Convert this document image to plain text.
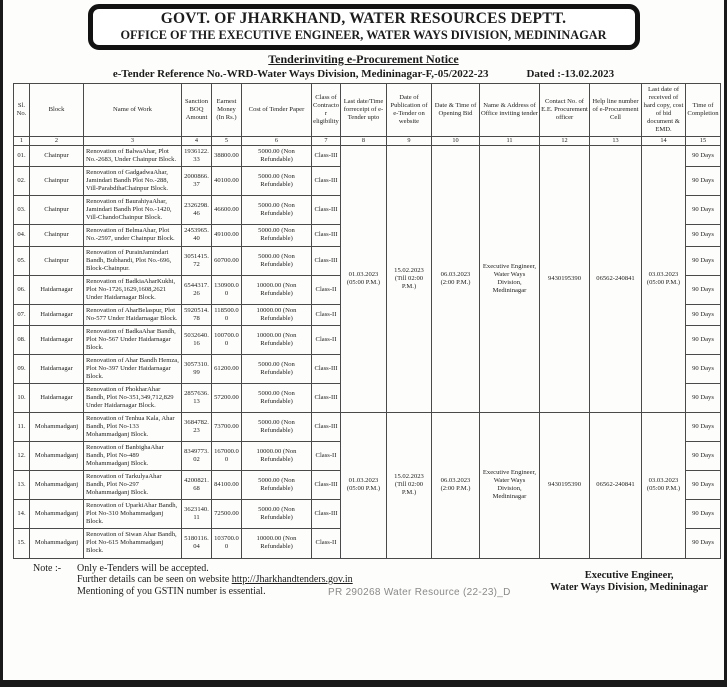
GOVT. OF JHARKHAND, WATER RESOURCES DEPTT.
OFFICE OF THE EXECUTIVE ENGINEER, WATER WAYS DIVISION, MEDININAGAR
Tenderinviting e-Procurement Notice
e-Tender Reference No.-WRD-Water Ways Division, Medininagar-F,-05/2022-23	Dated :-13.02.2023
Sl. No.	Block	Name of Work	Sanction BOQ Amount	Earnest Money (In Rs.)	Cost of Tender Paper	Class of Contractor eligibility	Last date/Time forreceipt of e-Tender upto	Date of Publication of e-Tender on website	Date & Time of Opening Bid	Name & Address of Office inviting tender	Contact No. of E.E. Procurement officer	Help line number of e-Procurement Cell	Last date of received of hard copy, cost of bid document & EMD.	Time of Completion
1	2	3	4	5	6	7	8	9	10	11	12	13	14	15
01.	Chainpur	Renovation of BalwaAhar, Plot No.-2683, Under Chainpur Block.	1936122.33	38800.00	5000.00 (Non Refundable)	Class-III	01.03.2023 (05:00 P.M.)	15.02.2023 (Till 02:00 P.M.)	06.03.2023 (2:00 P.M.)	Executive Engineer, Water Ways Division, Medininagar	9430195390	06562-240841	03.03.2023 (05:00 P.M.)	90 Days
02.	Chainpur	Renovation of GadgadwaAhar, Jamindari Bandh Plot No.-288, Vill-ParabdihaChainpur Block.	2000866.37	40100.00	5000.00 (Non Refundable)	Class-III								90 Days
03.	Chainpur	Renovation of BaurahiyaAhar, Jamindari Bandh Plot No.-1420, Vill-ChandoChainpur Block.	2326298.46	46600.00	5000.00 (Non Refundable)	Class-III								90 Days
04.	Chainpur	Renovation of BelmaAhar, Plot No.-2597, under Chainpur Block.	2453965.40	49100.00	5000.00 (Non Refundable)	Class-III								90 Days
05.	Chainpur	Renovation of PurainJamindari Bandh, Bubhandi, Plot No.-696, Block-Chainpur.	3051415.72	60700.00	5000.00 (Non Refundable)	Class-III								90 Days
06.	Haidarnagar	Renovation of BadkiaAharKukhi, Plot No-1726,1629,1608,2621 Under Haidarnagar Block.	6544317.26	130900.00	10000.00 (Non Refundable)	Class-II								90 Days
07.	Haidarnagar	Renovation of AharBelaspur, Plot No-577 Under Haidarnagar Block.	5920514.78	118500.00	10000.00 (Non Refundable)	Class-II								90 Days
08.	Haidarnagar	Renovation of BadkaAhar Bandh, Plot No-567 Under Haidarnagar Block.	5032640.16	100700.00	10000.00 (Non Refundable)	Class-II								90 Days
09.	Haidarnagar	Renovation of Ahar Bandh Hemza, Plot No-397 Under Haidarnagar Block.	3057310.99	61200.00	5000.00 (Non Refundable)	Class-III								90 Days
10.	Haidarnagar	Renovation of PhokharAhar Bandh, Plot No-351,349,712,829 Under Haidarnagar Block.	2857636.13	57200.00	5000.00 (Non Refundable)	Class-III								90 Days
11.	Mohammadganj	Renovation of Tenhua Kala, Ahar Bandh, Plot No-133 Mohammadganj Block.	3684782.23	73700.00	5000.00 (Non Refundable)	Class-III	01.03.2023 (05:00 P.M.)	15.02.2023 (Till 02:00 P.M.)	06.03.2023 (2:00 P.M.)	Executive Engineer, Water Ways Division, Medininagar	9430195390	06562-240841	03.03.2023 (05:00 P.M.)	90 Days
12.	Mohammadganj	Renovation of BanbighaAhar Bandh, Plot No-489 Mohammadganj Block.	8349773.02	167000.00	10000.00 (Non Refundable)	Class-II								90 Days
13.	Mohammadganj	Renovation of TarkulyaAhar Bandh, Plot No-297 Mohammadganj Block.	4200821.68	84100.00	5000.00 (Non Refundable)	Class-III								90 Days
14.	Mohammadganj	Renovation of UparkiAhar Bandh, Plot No-310 Mohammadganj Block.	3623140.11	72500.00	5000.00 (Non Refundable)	Class-III								90 Days
15.	Mohammadganj	Renovation of Siwan Ahar Bandh, Plot No-615 Mohammadganj Block.	5180116.04	103700.00	10000.00 (Non Refundable)	Class-II								90 Days
Note :- Only e-Tenders will be accepted.
Further details can be seen on website http://Jharkhandtenders.gov.in
Mentioning of you GSTIN number is essential.	PR 290268 Water Resource (22-23)_D
Executive Engineer,
Water Ways Division, Medininagar
